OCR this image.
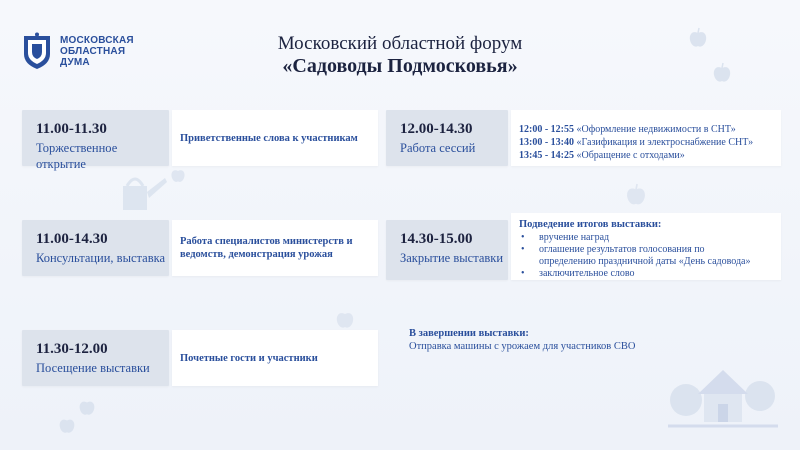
МОСКОВСКАЯ
ОБЛАСТНАЯ
ДУМА
Московский областной форум
«Садоводы Подмосковья»
11.00-11.30
Торжественное открытие
Приветственные слова к участникам
12.00-14.30
Работа сессий
12:00 - 12:55 «Оформление недвижимости в СНТ»
13:00 - 13:40 «Газификация и электроснабжение СНТ»
13:45 - 14:25 «Обращение с отходами»
11.00-14.30
Консультации, выставка
Работа специалистов министерств и ведомств, демонстрация урожая
14.30-15.00
Закрытие выставки
Подведение итогов выставки:
• вручение наград
• оглашение результатов голосования по
определению праздничной даты «День садовода»
• заключительное слово
11.30-12.00
Посещение выставки
Почетные гости и участники
В завершении выставки:
Отправка машины с урожаем для участников СВО
